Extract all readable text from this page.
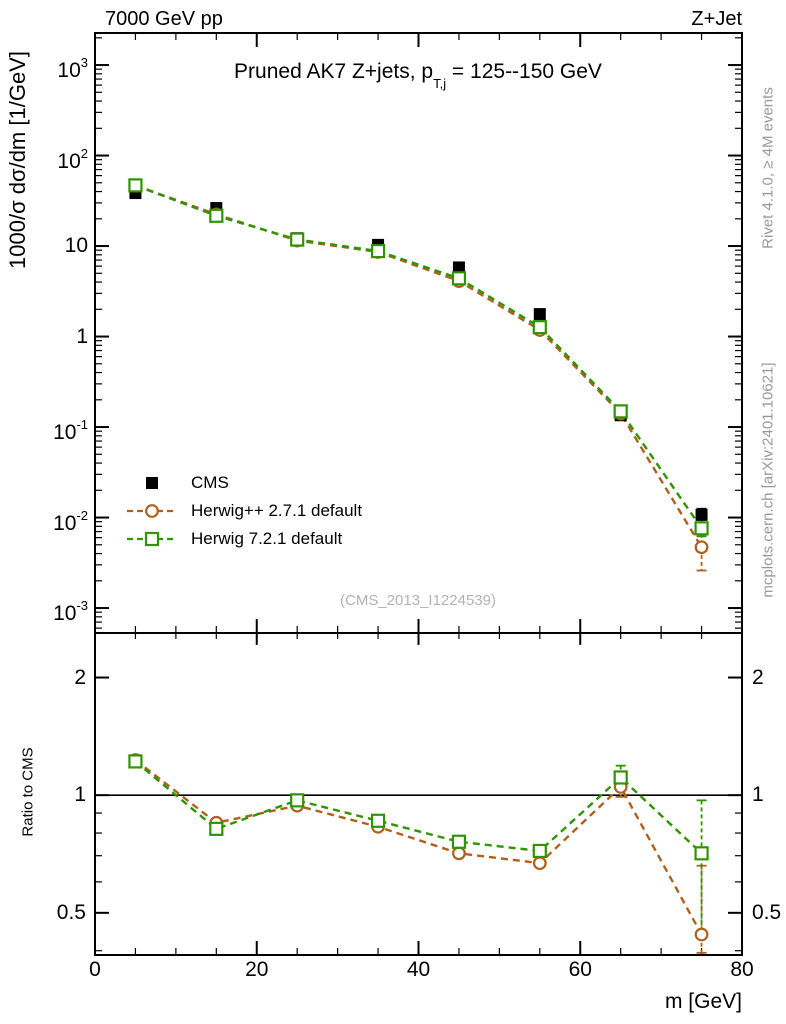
7000 GeV pp	Z+Jet
Pruned AK7 Z+jets, $p_{T,j} = 125--150$ GeV
1000/σ dσ/dm [1/GeV]
Ratio to CMS
Rivet 4.1.0, ≥ 4M events
mcplots.cern.ch [arXiv:2401.10621]
(CMS_2013_I1224539)
CMS
Herwig++ 2.7.1 default
Herwig 7.2.1 default
m [GeV]
$10^3$
$10^2$
10
1
$10^{-1}$
$10^{-2}$
$10^{-3}$
2	2
1	1
0.5	0.5
0	20	40	60	80
